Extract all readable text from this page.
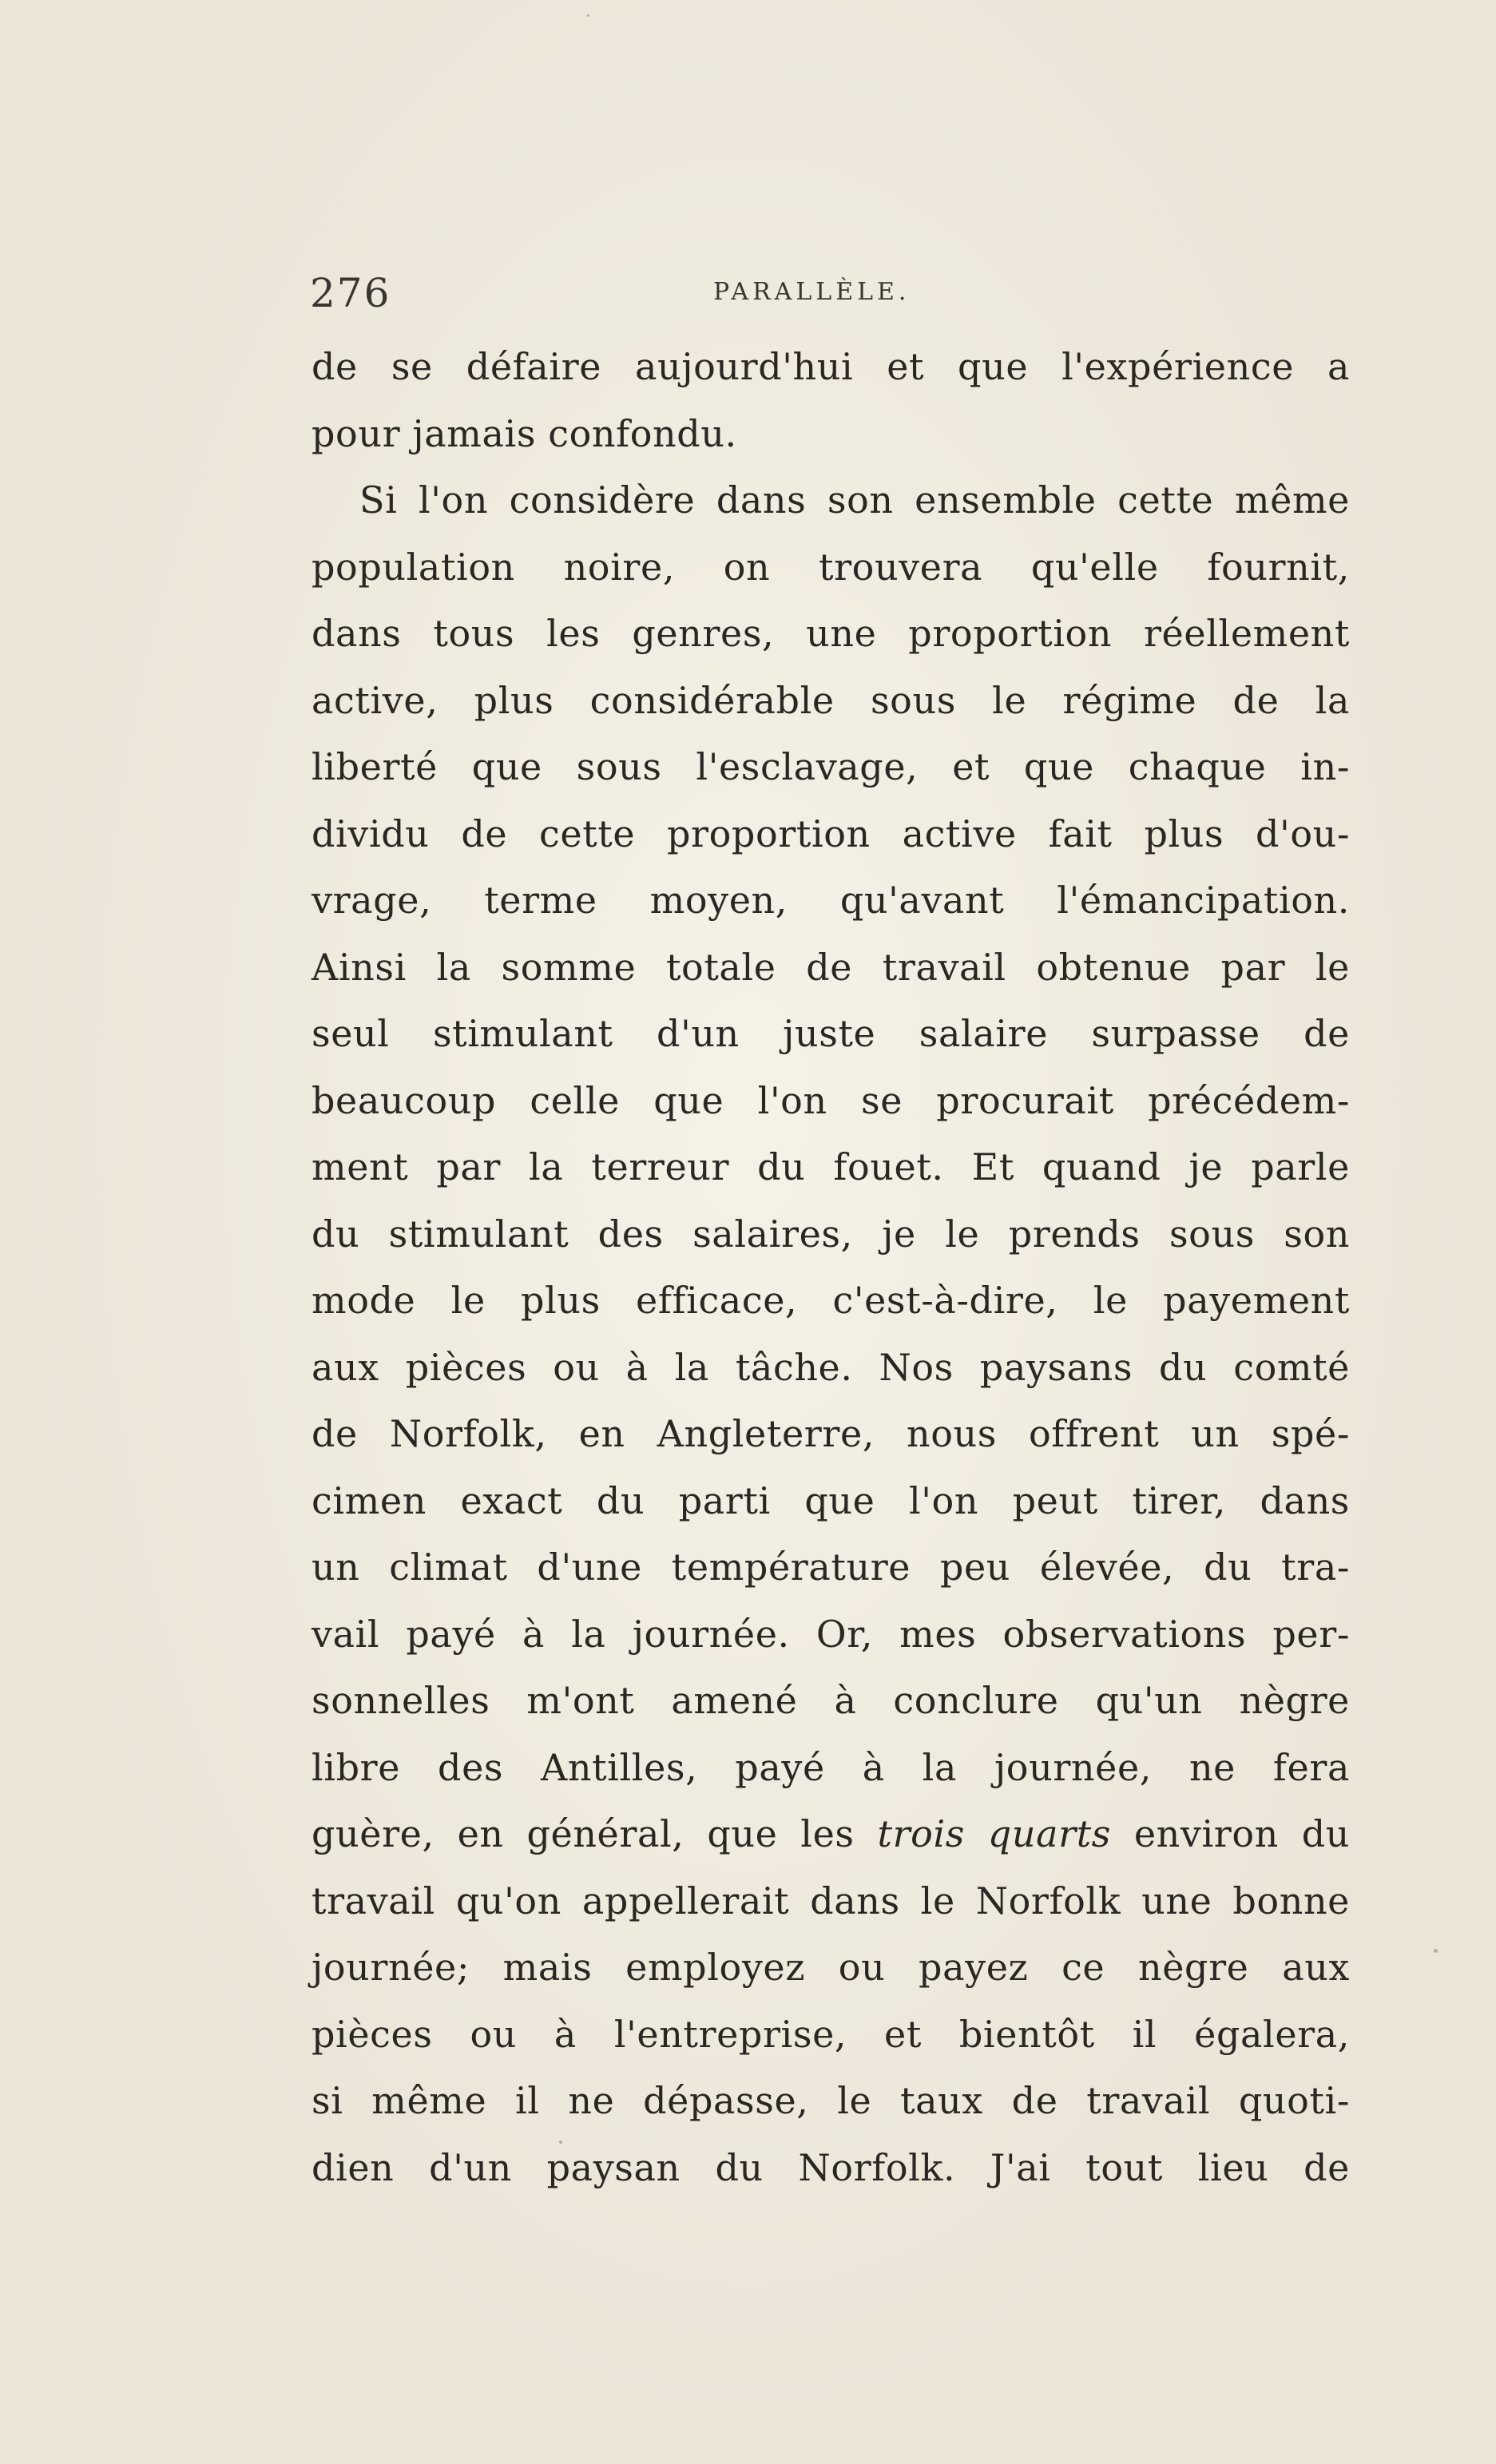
276	PARALLÈLE.
de se défaire aujourd'hui et que l'expérience a
pour jamais confondu.
Si l'on considère dans son ensemble cette même
population noire, on trouvera qu'elle fournit,
dans tous les genres, une proportion réellement
active, plus considérable sous le régime de la
liberté que sous l'esclavage, et que chaque in-
dividu de cette proportion active fait plus d'ou-
vrage, terme moyen, qu'avant l'émancipation.
Ainsi la somme totale de travail obtenue par le
seul stimulant d'un juste salaire surpasse de
beaucoup celle que l'on se procurait précédem-
ment par la terreur du fouet. Et quand je parle
du stimulant des salaires, je le prends sous son
mode le plus efficace, c'est-à-dire, le payement
aux pièces ou à la tâche. Nos paysans du comté
de Norfolk, en Angleterre, nous offrent un spé-
cimen exact du parti que l'on peut tirer, dans
un climat d'une température peu élevée, du tra-
vail payé à la journée. Or, mes observations per-
sonnelles m'ont amené à conclure qu'un nègre
libre des Antilles, payé à la journée, ne fera
guère, en général, que les trois quarts environ du
travail qu'on appellerait dans le Norfolk une bonne
journée; mais employez ou payez ce nègre aux
pièces ou à l'entreprise, et bientôt il égalera,
si même il ne dépasse, le taux de travail quoti-
dien d'un paysan du Norfolk. J'ai tout lieu de
